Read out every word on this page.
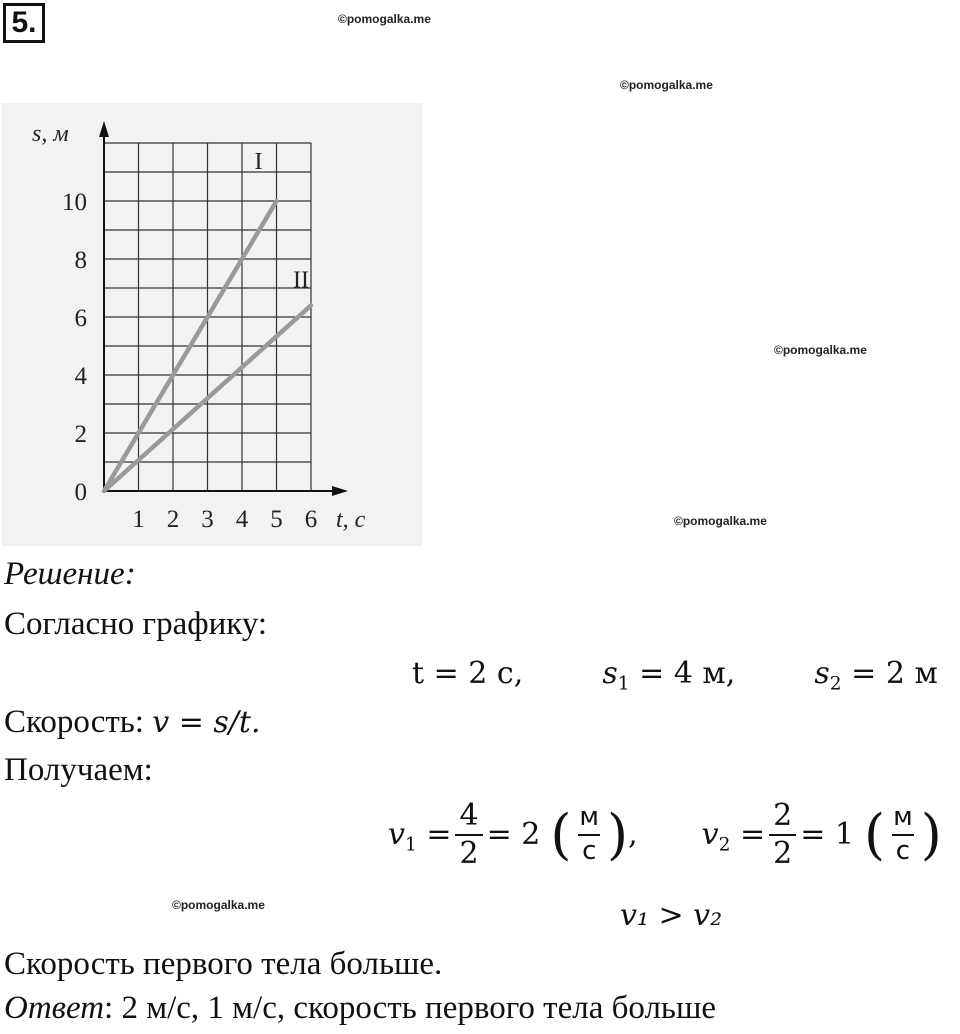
5.	©pomogalka.me
©pomogalka.me
©pomogalka.me
©pomogalka.me
©pomogalka.me
I
II
0
2
4
6
8
10
1 2 3 4 5 6
s, м
t, с
Решение:
Согласно графику:
t = 2 с,	$s_1 = 4$ м,	$s_2 = 2$ м
Скорость: v = s/t.
Получаем:
$v_1 = \frac{4}{2} = 2$ ( $\frac{м}{с}$ ) , $v_2 = \frac{2}{2} = 1$ ( $\frac{м}{с}$ )
v₁ > v₂
Скорость первого тела больше.
Ответ: 2 м/с, 1 м/с, скорость первого тела больше
